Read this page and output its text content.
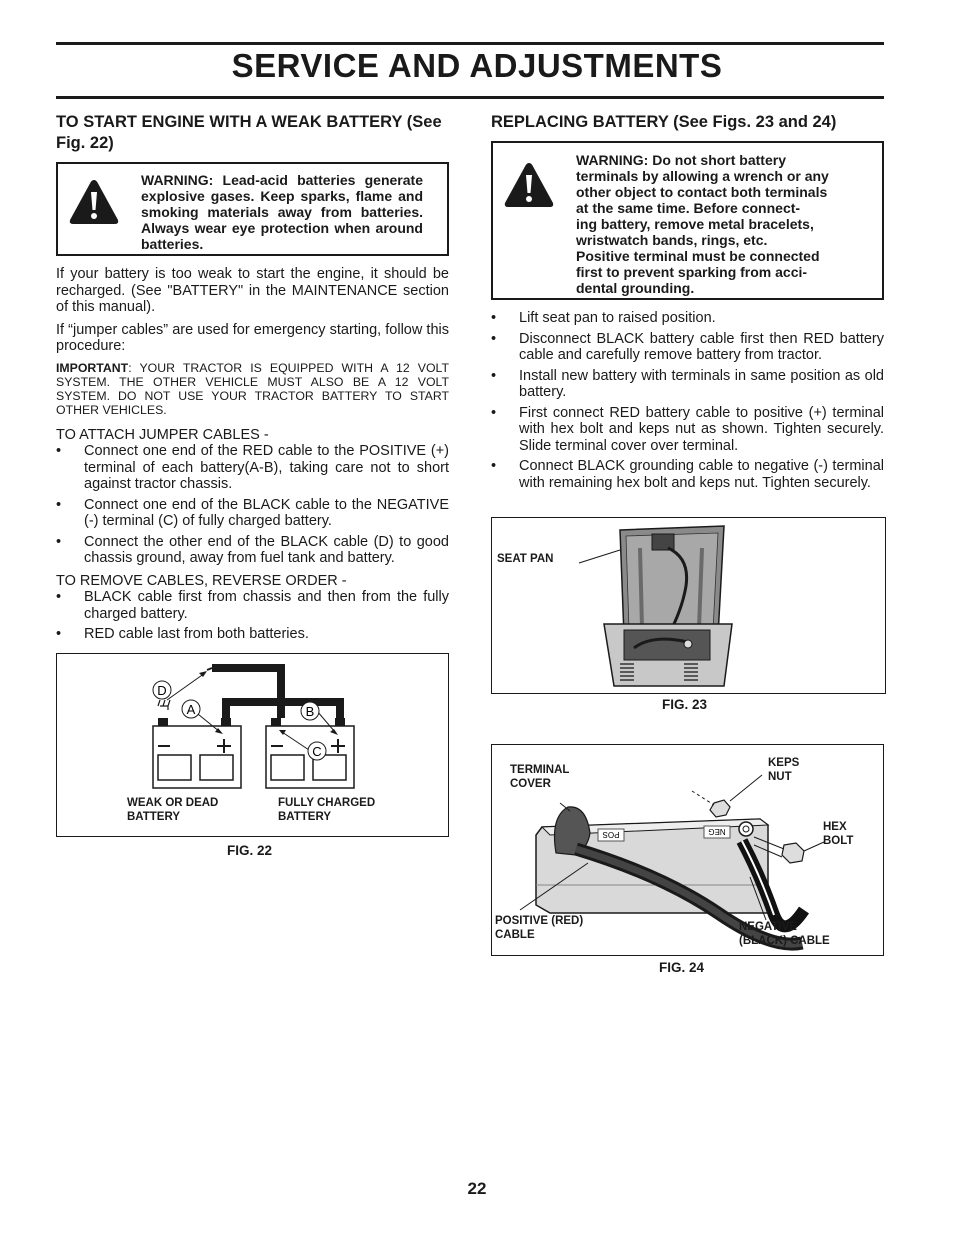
SERVICE AND ADJUSTMENTS
TO START ENGINE WITH A WEAK BATTERY (See Fig. 22)
WARNING: Lead-acid batteries generate explosive gases. Keep sparks, flame and smoking materials away from batteries. Always wear eye protection when around batteries.

If your battery is too weak to start the engine, it should be recharged. (See "BATTERY" in the MAINTENANCE section of this manual).

If “jumper cables” are used for emergency starting, follow this procedure:

IMPORTANT: YOUR TRACTOR IS EQUIPPED WITH A 12 VOLT SYSTEM. THE OTHER VEHICLE MUST ALSO BE A 12 VOLT SYSTEM. DO NOT USE YOUR TRACTOR BATTERY TO START OTHER VEHICLES.

TO ATTACH JUMPER CABLES -

• Connect one end of the RED cable to the POSITIVE (+) terminal of each battery(A-B), taking care not to short against tractor chassis.
• Connect one end of the BLACK cable to the NEGATIVE (-) terminal (C) of fully charged battery.
• Connect the other end of the BLACK cable (D) to good chassis ground, away from fuel tank and battery.

TO REMOVE CABLES, REVERSE ORDER -

• BLACK cable first from chassis and then from the fully charged battery.
• RED cable last from both batteries.
D
A	B
C
WEAK OR DEAD
BATTERY
FULLY CHARGED
BATTERY
FIG. 22
REPLACING BATTERY (See Figs. 23 and 24)
WARNING: Do not short battery
terminals by allowing a wrench or any
other object to contact both terminals
at the same time. Before connect-
ing battery, remove metal bracelets,
wristwatch bands, rings, etc.
Positive terminal must be connected
first to prevent sparking from acci-
dental grounding.
• Lift seat pan to raised position.
• Disconnect BLACK battery cable first then RED battery cable and carefully remove battery from tractor.
• Install new battery with terminals in same position as old battery.
• First connect RED battery cable to positive (+) terminal with hex bolt and keps nut as shown. Tighten securely. Slide terminal cover over terminal.
• Connect BLACK grounding cable to negative (-) terminal with remaining hex bolt and keps nut. Tighten securely.
SEAT PAN
FIG. 23
POS	NEG
TERMINAL
COVER
KEPS
NUT
HEX
BOLT
POSITIVE (RED)
CABLE
NEGATIVE
(BLACK) CABLE
FIG. 24
22
